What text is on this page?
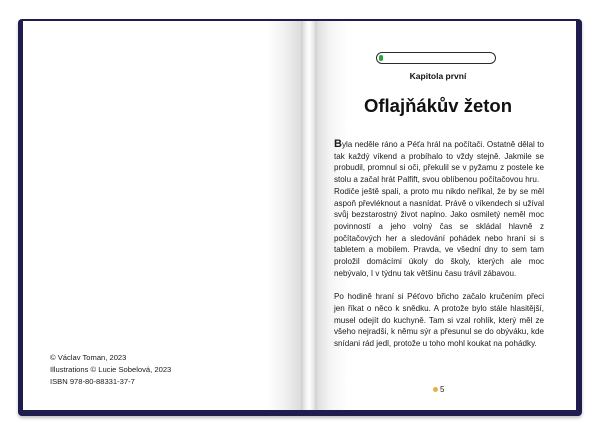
© Václav Toman, 2023
Illustrations © Lucie Sobelová, 2023
ISBN 978-80-88331-37-7
Kapitola první
Oflajňákův žeton

Byla neděle ráno a Péťa hrál na počítači. Ostatně dělal to tak každý víkend a probíhalo to vždy stejně. Jakmile se probudil, promnul si oči, překulil se v pyžamu z postele ke stolu a začal hrát Palfift, svou oblíbenou počítačovou hru.

Rodiče ještě spali, a proto mu nikdo neříkal, že by se měl aspoň převléknout a nasnídat. Právě o víkendech si užíval svůj bezstarostný život naplno. Jako osmiletý neměl moc povinností a jeho volný čas se skládal hlavně z počítačových her a sledování pohádek nebo hraní si s tabletem a mobilem. Pravda, ve všední dny to sem tam proložil domácími úkoly do školy, kterých ale moc nebývalo, I v týdnu tak většinu času trávil zábavou.

Po hodině hraní si Péťovo břicho začalo kručením přeci jen říkat o něco k snědku. A protože bylo stále hlasitější, musel odejít do kuchyně. Tam si vzal rohlík, který měl ze všeho nejradši, k němu sýr a přesunul se do obýváku, kde snídani rád jedl, protože u toho mohl koukat na pohádky.

5
